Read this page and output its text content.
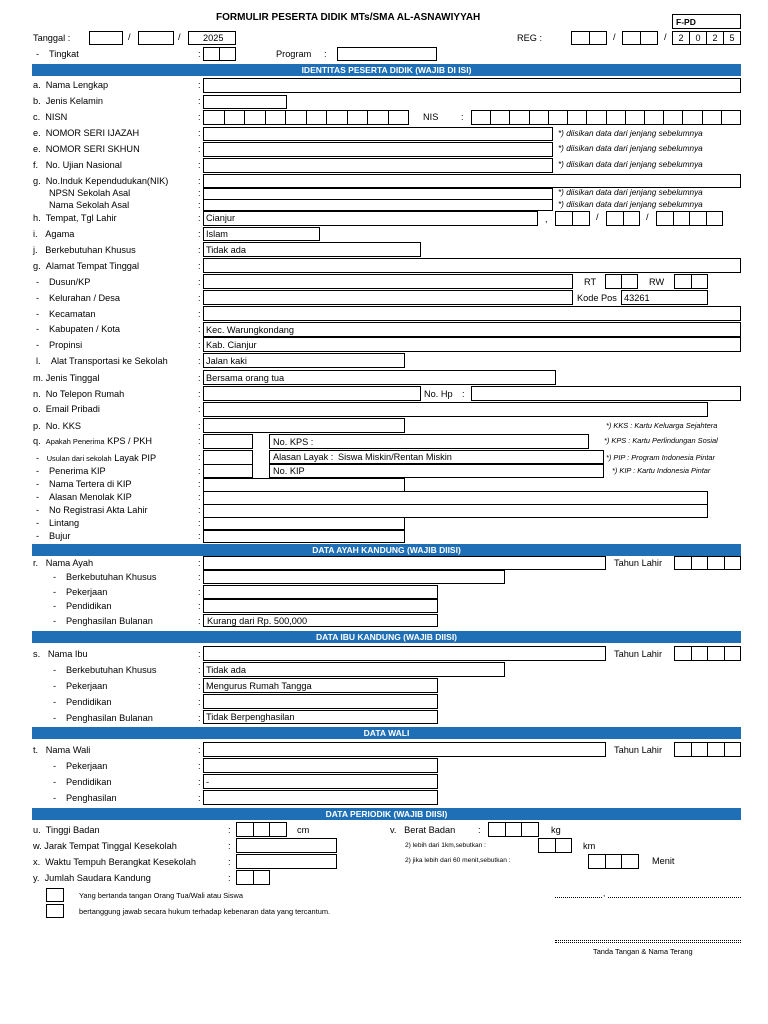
FORMULIR PESERTA DIDIK MTs/SMA AL-ASNAWIYYAH	F-PD
Tanggal :	/	/ 2025	REG :	/	/	2	0	2	5
- Tingkat	:	Program :
IDENTITAS PESERTA DIDIK (WAJIB DI ISI)
a.  Nama Lengkap	:
b.  Jenis Kelamin	:
c.  NISN	:	NIS :
e.  NOMOR SERI IJAZAH	:	*) diisikan data dari jenjang sebelumnya
e.  NOMOR SERI SKHUN	:	*) diisikan data dari jenjang sebelumnya
f.   No. Ujian Nasional	:	*) diisikan data dari jenjang sebelumnya
g.  No.Induk Kependudukan(NIK)	:
NPSN Sekolah Asal	:	*) diisikan data dari jenjang sebelumnya
Nama Sekolah Asal	:	*) diisikan data dari jenjang sebelumnya
h.  Tempat, Tgl Lahir	: Cianjur	,	/	/
i.   Agama	: Islam
j.   Berkebutuhan Khusus	: Tidak ada
g.  Alamat Tempat Tinggal	:
- Dusun/KP	:	RT	RW
- Kelurahan / Desa	:	Kode Pos 43261
- Kecamatan	:
- Kabupaten / Kota	: Kec. Warungkondang
- Propinsi	: Kab. Cianjur
l.    Alat Transportasi ke Sekolah	: Jalan kaki
m. Jenis Tinggal	: Bersama orang tua
n.  No Telepon Rumah	:	No. Hp :
o.  Email Pribadi	:
p.  No. KKS	:	*) KKS : Kartu Keluarga Sejahtera
q.  Apakah Penerima KPS / PKH	:	No. KPS :	*) KPS : Kartu Perlindungan Sosial
-   Usulan dari sekolah Layak PIP	:	Alasan Layak : Siswa Miskin/Rentan Miskin	*) PIP : Program Indonesia Pintar
- Penerima KIP	:	No. KIP	*) KIP : Kartu Indonesia Pintar
- Nama Tertera di KIP	:
- Alasan Menolak KIP	:
- No Registrasi Akta Lahir	:
- Lintang	:
- Bujur	:
DATA AYAH KANDUNG (WAJIB DIISI)
r.   Nama Ayah	:	Tahun Lahir
- Berkebutuhan Khusus	:
- Pekerjaan	:
- Pendidikan	:
- Penghasilan Bulanan	: Kurang dari Rp. 500,000
DATA IBU KANDUNG (WAJIB DIISI)
s.   Nama Ibu	:	Tahun Lahir
- Berkebutuhan Khusus	: Tidak ada
- Pekerjaan	: Mengurus Rumah Tangga
- Pendidikan	:
- Penghasilan Bulanan	: Tidak Berpenghasilan
DATA WALI
t.   Nama Wali	:	Tahun Lahir
- Pekerjaan	:
- Pendidikan	: -
- Penghasilan	:
DATA PERIODIK (WAJIB DIISI)
u.  Tinggi Badan	:	cm	v.   Berat Badan :	kg
w. Jarak Tempat Tinggal Kesekolah	:	2) lebih dari 1km,sebutkan :	km
x.  Waktu Tempuh Berangkat Kesekolah	:	2) jika lebih dari 60 menit,sebutkan :	Menit
y.  Jumlah Saudara Kandung	:
Yang bertanda tangan Orang Tua/Wali atau Siswa
bertanggung jawab secara hukum terhadap kebenaran data yang tercantum.
,
Tanda Tangan & Nama Terang
